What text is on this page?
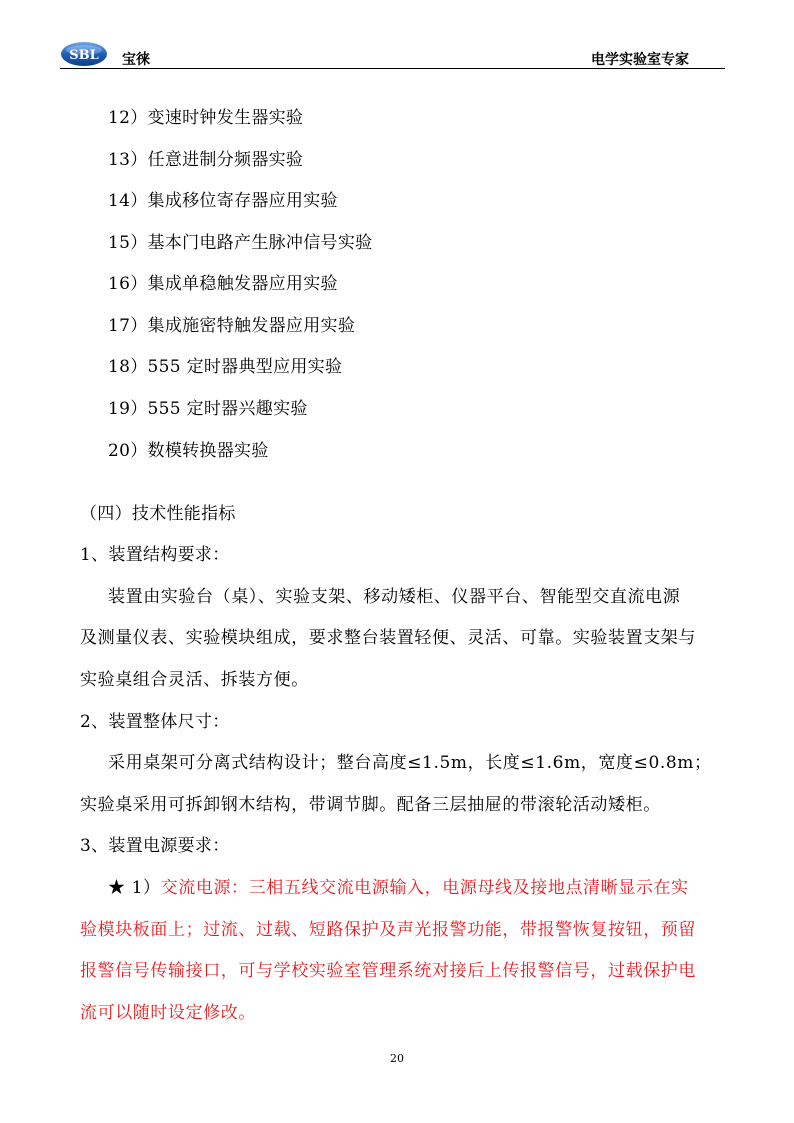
SBL 宝徕	电学实验室专家
12）变速时钟发生器实验
13）任意进制分频器实验
14）集成移位寄存器应用实验
15）基本门电路产生脉冲信号实验
16）集成单稳触发器应用实验
17）集成施密特触发器应用实验
18）555 定时器典型应用实验
19）555 定时器兴趣实验
20）数模转换器实验
（四）技术性能指标
1、装置结构要求：
装置由实验台（桌）、实验支架、移动矮柜、仪器平台、智能型交直流电源
及测量仪表、实验模块组成，要求整台装置轻便、灵活、可靠。实验装置支架与
实验桌组合灵活、拆装方便。
2、装置整体尺寸：
采用桌架可分离式结构设计；整台高度≤1.5m，长度≤1.6m，宽度≤0.8m；
实验桌采用可拆卸钢木结构，带调节脚。配备三层抽屉的带滚轮活动矮柜。
3、装置电源要求：
★ 1）交流电源：三相五线交流电源输入，电源母线及接地点清晰显示在实
验模块板面上；过流、过载、短路保护及声光报警功能，带报警恢复按钮，预留
报警信号传输接口，可与学校实验室管理系统对接后上传报警信号，过载保护电
流可以随时设定修改。
20
